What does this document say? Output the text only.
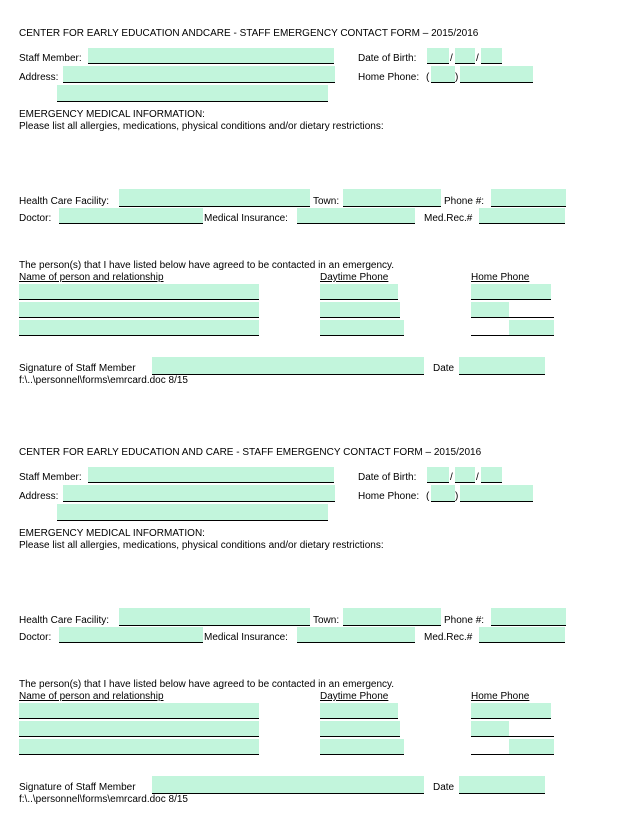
CENTER FOR EARLY EDUCATION ANDCARE - STAFF EMERGENCY CONTACT FORM – 2015/2016
Staff Member:	Date of Birth:	/ /
Address:	Home Phone: (	)
EMERGENCY MEDICAL INFORMATION:
Please list all allergies, medications, physical conditions and/or dietary restrictions:
Health Care Facility:	Town:	Phone #:
Doctor:	Medical Insurance:	Med.Rec.#
The person(s) that I have listed below have agreed to be contacted in an emergency.
Name of person and relationship	Daytime Phone	Home Phone
Signature of Staff Member	Date
f:\..\personnel\forms\emrcard.doc 8/15
CENTER FOR EARLY EDUCATION AND CARE - STAFF EMERGENCY CONTACT FORM – 2015/2016
Staff Member:	Date of Birth:	/ /
Address:	Home Phone: (	)
EMERGENCY MEDICAL INFORMATION:
Please list all allergies, medications, physical conditions and/or dietary restrictions:
Health Care Facility:	Town:	Phone #:
Doctor:	Medical Insurance:	Med.Rec.#
The person(s) that I have listed below have agreed to be contacted in an emergency.
Name of person and relationship	Daytime Phone	Home Phone
Signature of Staff Member	Date
f:\..\personnel\forms\emrcard.doc 8/15
